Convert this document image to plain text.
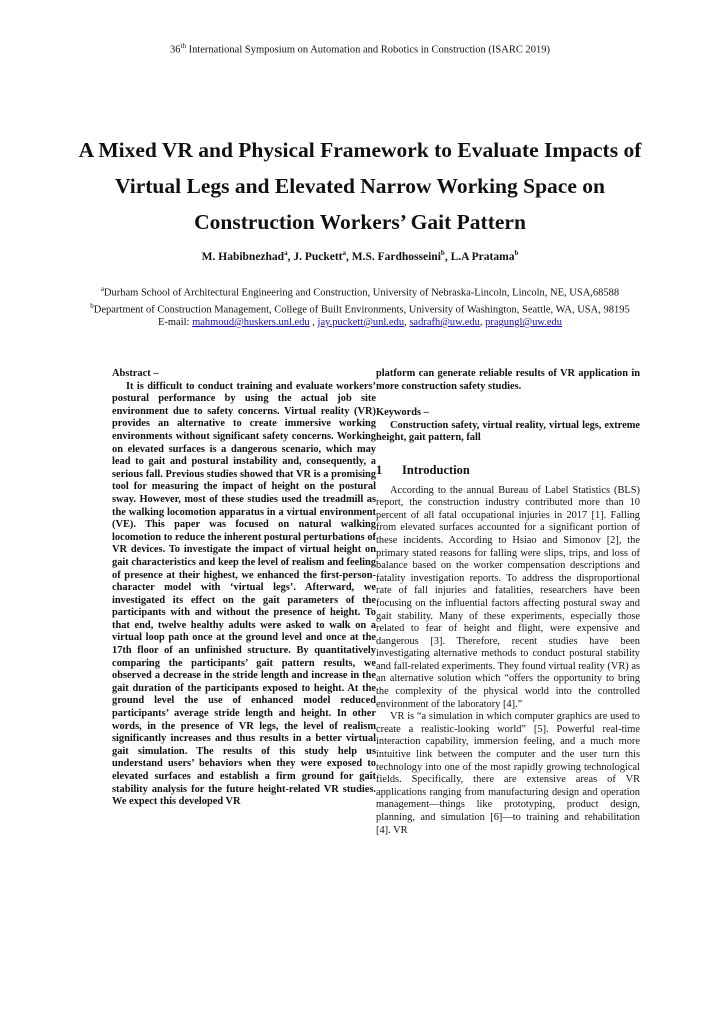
36th International Symposium on Automation and Robotics in Construction (ISARC 2019)
A Mixed VR and Physical Framework to Evaluate Impacts of Virtual Legs and Elevated Narrow Working Space on Construction Workers’ Gait Pattern
M. Habibnezhad$^a$, J. Puckett$^a$, M.S. Fardhosseini$^b$, L.A Pratama$^b$
$^a$Durham School of Architectural Engineering and Construction, University of Nebraska-Lincoln, Lincoln, NE, USA,68588
$^b$Department of Construction Management, College of Built Environments, University of Washington, Seattle, WA, USA, 98195
E-mail: mahmoud@huskers.unl.edu , jay.puckett@unl.edu, sadrafh@uw.edu, pragungl@uw.edu

Abstract –

It is difficult to conduct training and evaluate workers’ postural performance by using the actual job site environment due to safety concerns. Virtual reality (VR) provides an alternative to create immersive working environments without significant safety concerns. Working on elevated surfaces is a dangerous scenario, which may lead to gait and postural instability and, consequently, a serious fall. Previous studies showed that VR is a promising tool for measuring the impact of height on the postural sway. However, most of these studies used the treadmill as the walking locomotion apparatus in a virtual environment (VE). This paper was focused on natural walking locomotion to reduce the inherent postural perturbations of VR devices. To investigate the impact of virtual height on gait characteristics and keep the level of realism and feeling of presence at their highest, we enhanced the first-person-character model with ‘virtual legs’. Afterward, we investigated its effect on the gait parameters of the participants with and without the presence of height. To that end, twelve healthy adults were asked to walk on a virtual loop path once at the ground level and once at the 17th floor of an unfinished structure. By quantitatively comparing the participants’ gait pattern results, we observed a decrease in the stride length and increase in the gait duration of the participants exposed to height. At the ground level the use of enhanced model reduced participants’ average stride length and height. In other words, in the presence of VR legs, the level of realism significantly increases and thus results in a better virtual gait simulation. The results of this study help us understand users’ behaviors when they were exposed to elevated surfaces and establish a firm ground for gait stability analysis for the future height-related VR studies. We expect this developed VR

platform can generate reliable results of VR application in more construction safety studies.

Keywords –

Construction safety, virtual reality, virtual legs, extreme height, gait pattern, fall

1 Introduction

According to the annual Bureau of Label Statistics (BLS) report, the construction industry contributed more than 10 percent of all fatal occupational injuries in 2017 [1]. Falling from elevated surfaces accounted for a significant portion of these incidents. According to Hsiao and Simonov [2], the primary stated reasons for falling were slips, trips, and loss of balance based on the worker compensation descriptions and fatality investigation reports. To address the disproportional rate of fall injuries and fatalities, researchers have been focusing on the influential factors affecting postural sway and gait stability. Many of these experiments, especially those related to fear of height and flight, were expensive and dangerous [3]. Therefore, recent studies have been investigating alternative methods to conduct postural stability and fall-related experiments. They found virtual reality (VR) as an alternative solution which “offers the opportunity to bring the complexity of the physical world into the controlled environment of the laboratory [4].”

VR is “a simulation in which computer graphics are used to create a realistic-looking world” [5]. Powerful real-time interaction capability, immersion feeling, and a much more intuitive link between the computer and the user turn this technology into one of the most rapidly growing technological fields. Specifically, there are extensive areas of VR applications ranging from manufacturing design and operation management—things like prototyping, product design, planning, and simulation [6]—to training and rehabilitation [4]. VR
